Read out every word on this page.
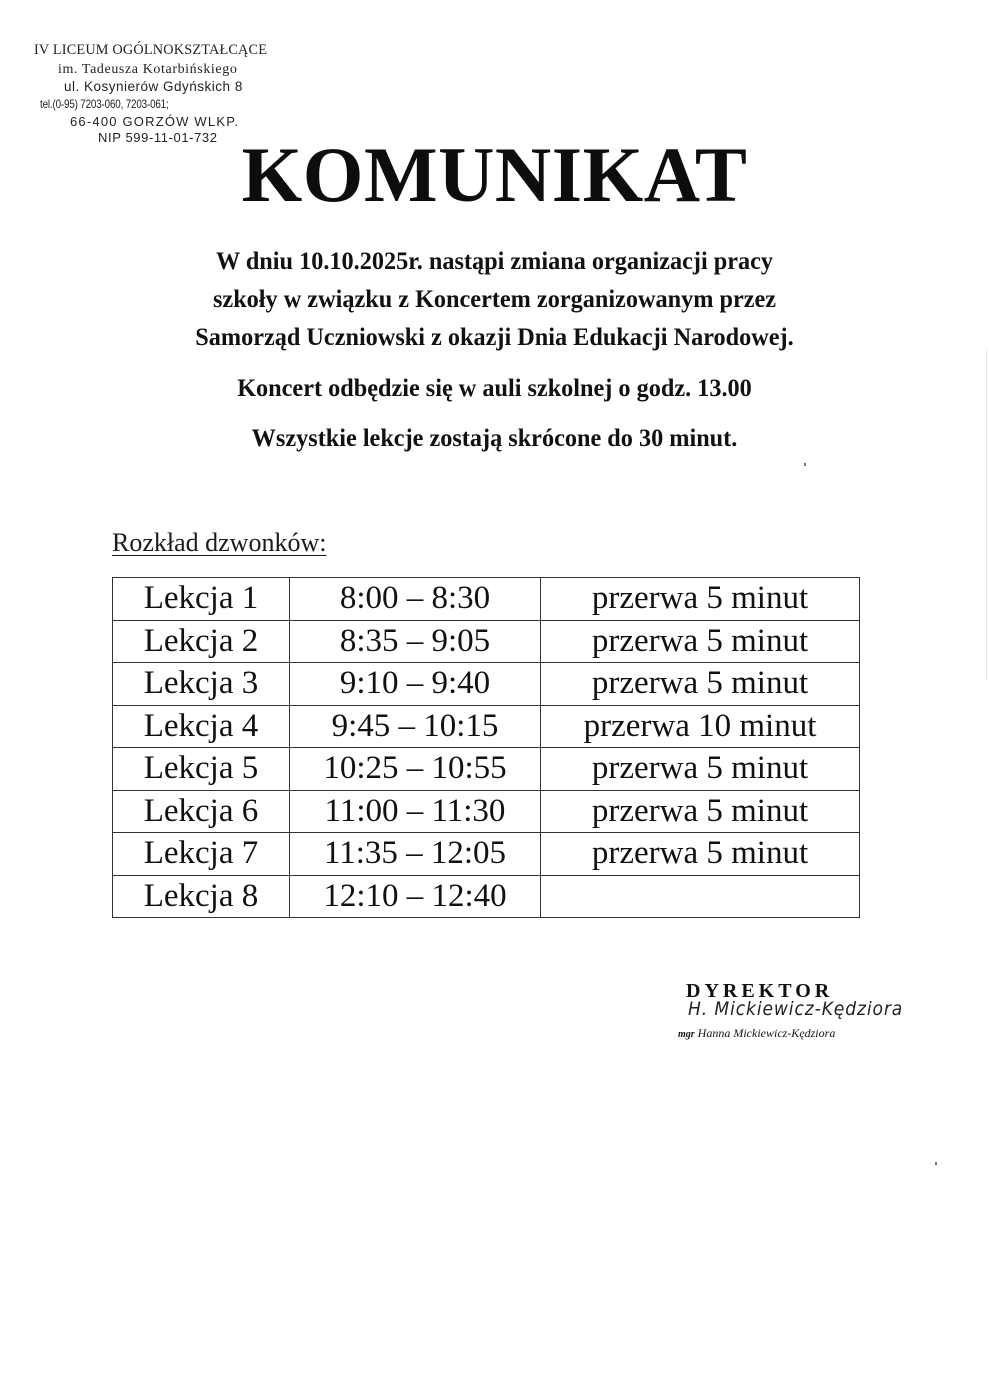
IV LICEUM OGÓLNOKSZTAŁCĄCE
im. Tadeusza Kotarbińskiego
ul. Kosynierów Gdyńskich 8
tel.(0-95) 7203-060, 7203-061;
66-400 GORZÓW WLKP.
NIP 599-11-01-732 KOMUNIKAT
W dniu 10.10.2025r. nastąpi zmiana organizacji pracy
szkoły w związku z Koncertem zorganizowanym przez
Samorząd Uczniowski z okazji Dnia Edukacji Narodowej.
Koncert odbędzie się w auli szkolnej o godz. 13.00
Wszystkie lekcje zostają skrócone do 30 minut.
Rozkład dzwonków:
Lekcja 1	8:00 – 8:30	przerwa 5 minut
Lekcja 2	8:35 – 9:05	przerwa 5 minut
Lekcja 3	9:10 – 9:40	przerwa 5 minut
Lekcja 4	9:45 – 10:15	przerwa 10 minut
Lekcja 5	10:25 – 10:55	przerwa 5 minut
Lekcja 6	11:00 – 11:30	przerwa 5 minut
Lekcja 7	11:35 – 12:05	przerwa 5 minut
Lekcja 8	12:10 – 12:40	
DYREKTOR
H. Mickiewicz-Kędziora
mgr Hanna Mickiewicz-Kędziora
